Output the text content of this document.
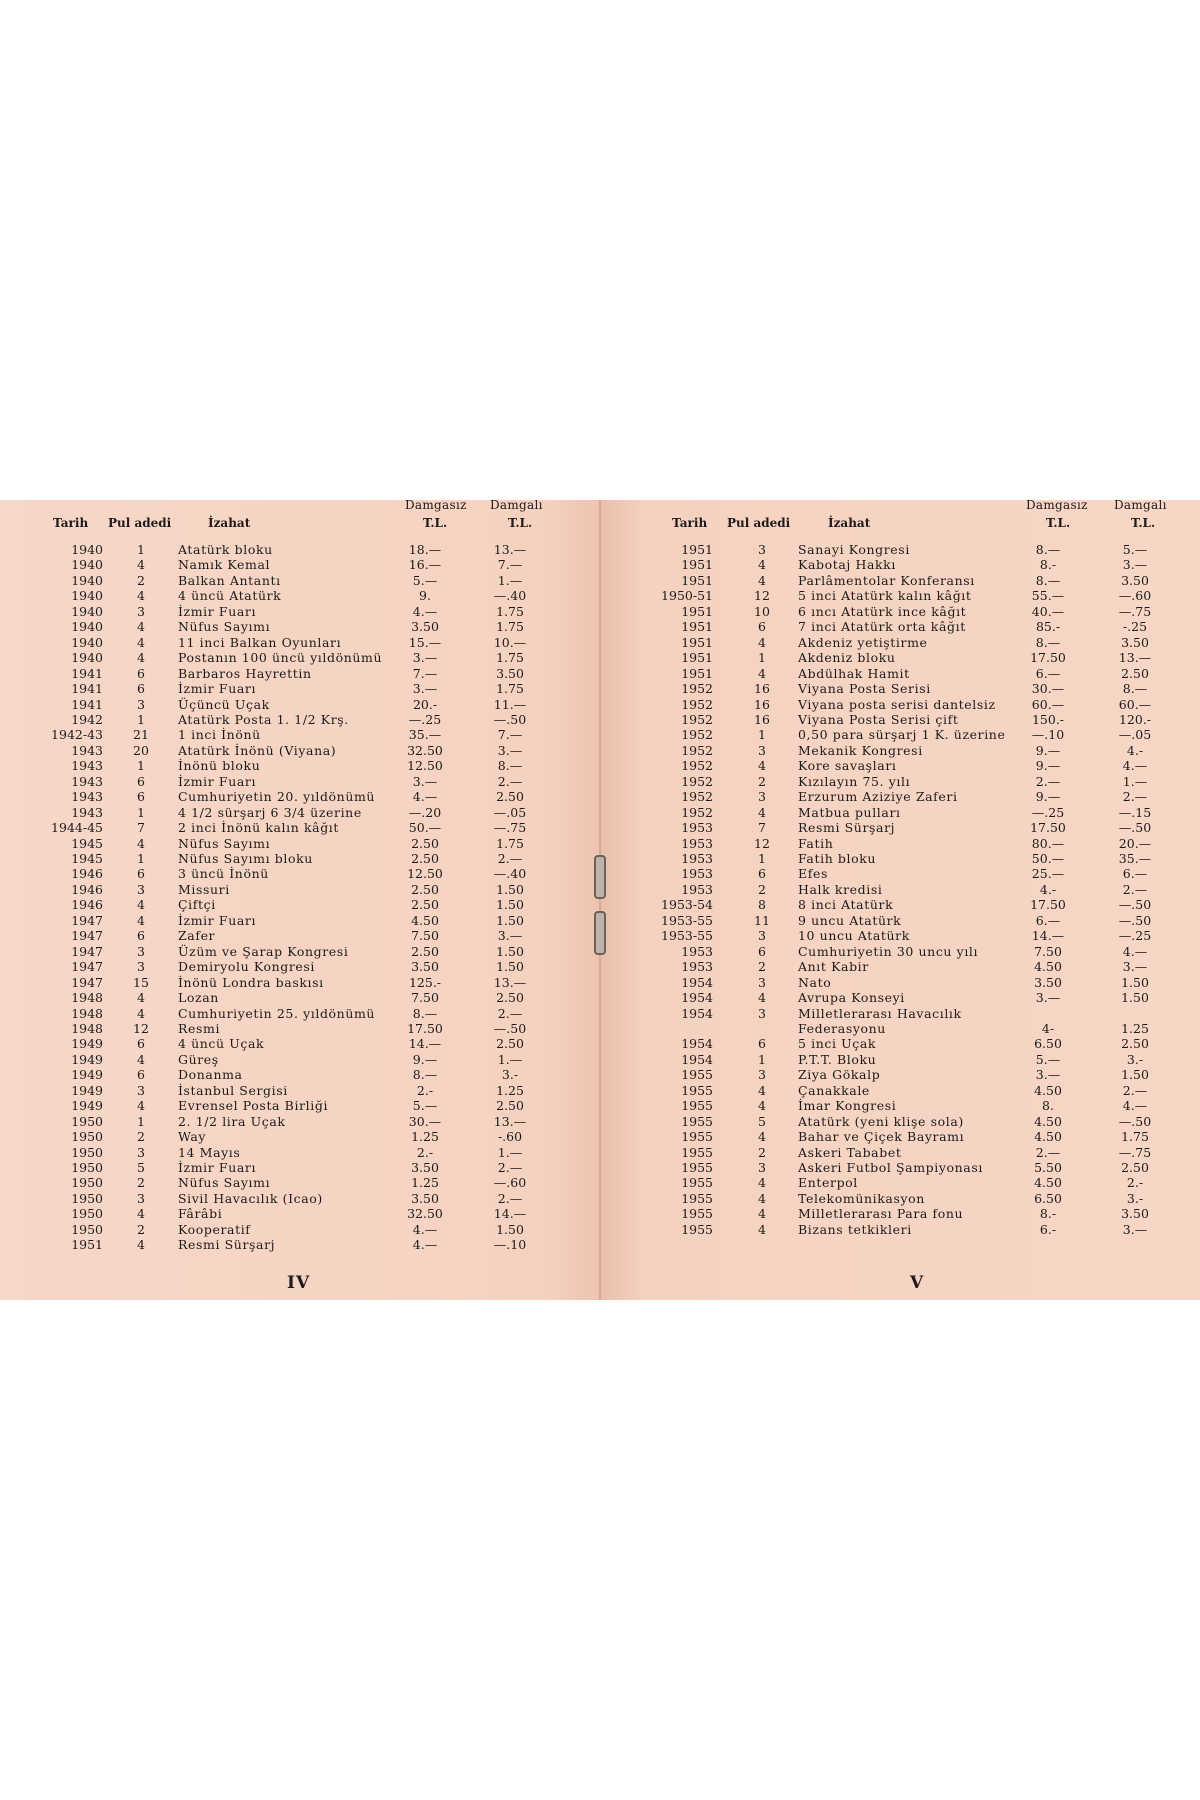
Damgasız Damgalı
Tarih Pul adedi	İzahat	T.L.	T.L.
1940	1	Atatürk bloku	18.—	13.—
1940	4	Namık Kemal	16.—	7.—
1940	2	Balkan Antantı	5.—	1.—
1940	4	4 üncü Atatürk	9.	—.40
1940	3	İzmir Fuarı	4.—	1.75
1940	4	Nüfus Sayımı	3.50	1.75
1940	4	11 inci Balkan Oyunları	15.—	10.—
1940	4	Postanın 100 üncü yıldönümü	3.—	1.75
1941	6	Barbaros Hayrettin	7.—	3.50
1941	6	İzmir Fuarı	3.—	1.75
1941	3	Üçüncü Uçak	20.-	11.—
1942	1	Atatürk Posta 1. 1/2 Krş.	—.25	—.50
1942-43	21	1 inci İnönü	35.—	7.—
1943	20	Atatürk İnönü (Viyana)	32.50	3.—
1943	1	İnönü bloku	12.50	8.—
1943	6	İzmir Fuarı	3.—	2.—
1943	6	Cumhuriyetin 20. yıldönümü	4.—	2.50
1943	1	4 1/2 sürşarj 6 3/4 üzerine	—.20	—.05
1944-45	7	2 inci İnönü kalın kâğıt	50.—	—.75
1945	4	Nüfus Sayımı	2.50	1.75
1945	1	Nüfus Sayımı bloku	2.50	2.—
1946	6	3 üncü İnönü	12.50	—.40
1946	3	Missuri	2.50	1.50
1946	4	Çiftçi	2.50	1.50
1947	4	İzmir Fuarı	4.50	1.50
1947	6	Zafer	7.50	3.—
1947	3	Üzüm ve Şarap Kongresi	2.50	1.50
1947	3	Demiryolu Kongresi	3.50	1.50
1947	15	İnönü Londra baskısı	125.-	13.—
1948	4	Lozan	7.50	2.50
1948	4	Cumhuriyetin 25. yıldönümü	8.—	2.—
1948	12	Resmi	17.50	—.50
1949	6	4 üncü Uçak	14.—	2.50
1949	4	Güreş	9.—	1.—
1949	6	Donanma	8.—	3.-
1949	3	İstanbul Sergisi	2.-	1.25
1949	4	Evrensel Posta Birliği	5.—	2.50
1950	1	2. 1/2 lira Uçak	30.—	13.—
1950	2	Way	1.25	-.60
1950	3	14 Mayıs	2.-	1.—
1950	5	İzmir Fuarı	3.50	2.—
1950	2	Nüfus Sayımı	1.25	—.60
1950	3	Sivil Havacılık (Icao)	3.50	2.—
1950	4	Fârâbi	32.50	14.—
1950	2	Kooperatif	4.—	1.50
1951	4	Resmi Sürşarj	4.—	—.10
IV
Damgasız Damgalı
Tarih Pul adedi	İzahat	T.L.	T.L.
1951	3	Sanayi Kongresi	8.—	5.—
1951	4	Kabotaj Hakkı	8.-	3.—
1951	4	Parlâmentolar Konferansı	8.—	3.50
1950-51	12	5 inci Atatürk kalın kâğıt	55.—	—.60
1951	10	6 ıncı Atatürk ince kâğıt	40.—	—.75
1951	6	7 inci Atatürk orta kâğıt	85.-	-.25
1951	4	Akdeniz yetiştirme	8.—	3.50
1951	1	Akdeniz bloku	17.50	13.—
1951	4	Abdülhak Hamit	6.—	2.50
1952	16	Viyana Posta Serisi	30.—	8.—
1952	16	Viyana posta serisi dantelsiz	60.—	60.—
1952	16	Viyana Posta Serisi çift	150.-	120.-
1952	1	0,50 para sürşarj 1 K. üzerine	—.10	—.05
1952	3	Mekanik Kongresi	9.—	4.-
1952	4	Kore savaşları	9.—	4.—
1952	2	Kızılayın 75. yılı	2.—	1.—
1952	3	Erzurum Aziziye Zaferi	9.—	2.—
1952	4	Matbua pulları	—.25	—.15
1953	7	Resmi Sürşarj	17.50	—.50
1953	12	Fatih	80.—	20.—
1953	1	Fatih bloku	50.—	35.—
1953	6	Efes	25.—	6.—
1953	2	Halk kredisi	4.-	2.—
1953-54	8	8 inci Atatürk	17.50	—.50
1953-55	11	9 uncu Atatürk	6.—	—.50
1953-55	3	10 uncu Atatürk	14.—	—.25
1953	6	Cumhuriyetin 30 uncu yılı	7.50	4.—
1953	2	Anıt Kabir	4.50	3.—
1954	3	Nato	3.50	1.50
1954	4	Avrupa Konseyi	3.—	1.50
1954	3	Milletlerarası Havacılık
Federasyonu	4-	1.25
1954	6	5 inci Uçak	6.50	2.50
1954	1	P.T.T. Bloku	5.—	3.-
1955	3	Ziya Gökalp	3.—	1.50
1955	4	Çanakkale	4.50	2.—
1955	4	İmar Kongresi	8.	4.—
1955	5	Atatürk (yeni klişe sola)	4.50	—.50
1955	4	Bahar ve Çiçek Bayramı	4.50	1.75
1955	2	Askeri Tababet	2.—	—.75
1955	3	Askeri Futbol Şampiyonası	5.50	2.50
1955	4	Enterpol	4.50	2.-
1955	4	Telekomünikasyon	6.50	3.-
1955	4	Milletlerarası Para fonu	8.-	3.50
1955	4	Bizans tetkikleri	6.-	3.—
V
